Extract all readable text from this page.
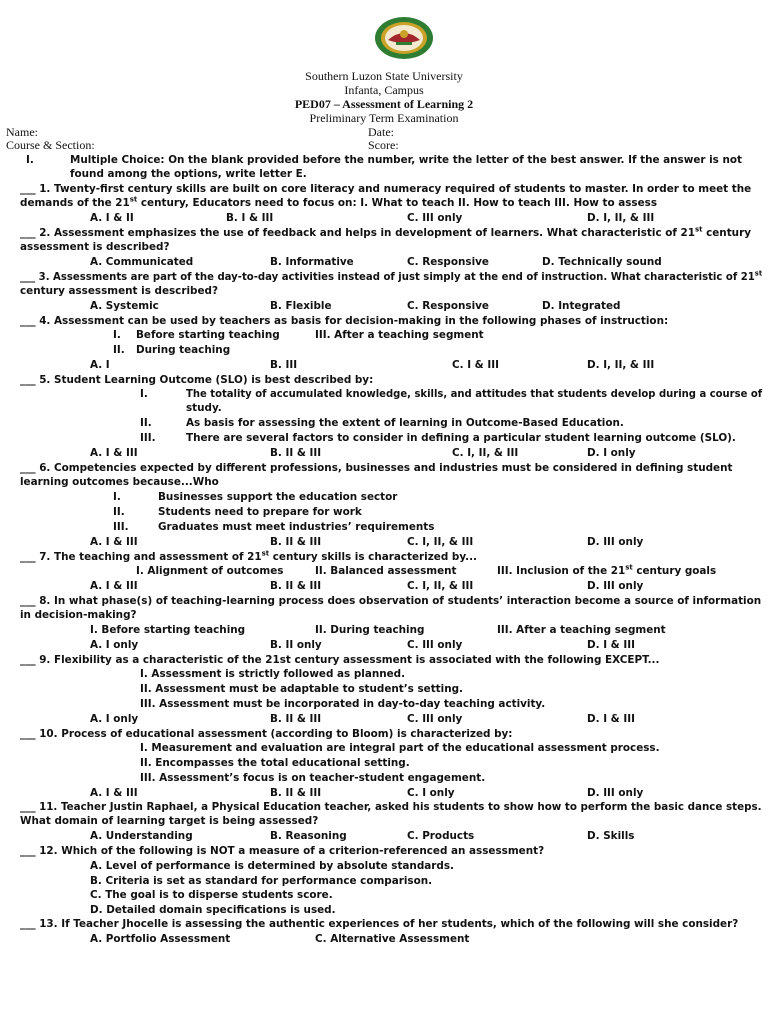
Southern Luzon State University
Infanta, Campus
PED07 – Assessment of Learning 2
Preliminary Term Examination
Name:	Date:
Course & Section:	Score:
I.	Multiple Choice: On the blank provided before the number, write the letter of the best answer. If the answer is not
found among the options, write letter E.
___ 1. Twenty-first century skills are built on core literacy and numeracy required of students to master. In order to meet the
demands of the 21st century, Educators need to focus on: I. What to teach II. How to teach III. How to assess
A. I & II	B. I & III	C. III only	D. I, II, & III
___ 2. Assessment emphasizes the use of feedback and helps in development of learners. What characteristic of 21st century
assessment is described?
A. Communicated	B. Informative	C. Responsive	D. Technically sound
___ 3. Assessments are part of the day-to-day activities instead of just simply at the end of instruction. What characteristic of 21st
century assessment is described?
A. Systemic	B. Flexible	C. Responsive	D. Integrated
___ 4. Assessment can be used by teachers as basis for decision-making in the following phases of instruction:
I. Before starting teaching	III. After a teaching segment
II. During teaching
A. I	B. III	C. I & III	D. I, II, & III
___ 5. Student Learning Outcome (SLO) is best described by:
I.	The totality of accumulated knowledge, skills, and attitudes that students develop during a course of
study.
II.	As basis for assessing the extent of learning in Outcome-Based Education.
III.	There are several factors to consider in defining a particular student learning outcome (SLO).
A. I & III	B. II & III	C. I, II, & III	D. I only
___ 6. Competencies expected by different professions, businesses and industries must be considered in defining student
learning outcomes because...Who
I.	Businesses support the education sector
II.	Students need to prepare for work
III.	Graduates must meet industries’ requirements
A. I & III	B. II & III	C. I, II, & III	D. III only
___ 7. The teaching and assessment of 21st century skills is characterized by...
I. Alignment of outcomes	II. Balanced assessment	III. Inclusion of the 21st century goals
A. I & III	B. II & III	C. I, II, & III	D. III only
___ 8. In what phase(s) of teaching-learning process does observation of students’ interaction become a source of information
in decision-making?
I. Before starting teaching	II. During teaching	III. After a teaching segment
A. I only	B. II only	C. III only	D. I & III
___ 9. Flexibility as a characteristic of the 21st century assessment is associated with the following EXCEPT...
I. Assessment is strictly followed as planned.
II. Assessment must be adaptable to student’s setting.
III. Assessment must be incorporated in day-to-day teaching activity.
A. I only	B. II & III	C. III only	D. I & III
___ 10. Process of educational assessment (according to Bloom) is characterized by:
I. Measurement and evaluation are integral part of the educational assessment process.
II. Encompasses the total educational setting.
III. Assessment’s focus is on teacher-student engagement.
A. I & III	B. II & III	C. I only	D. III only
___ 11. Teacher Justin Raphael, a Physical Education teacher, asked his students to show how to perform the basic dance steps.
What domain of learning target is being assessed?
A. Understanding	B. Reasoning	C. Products	D. Skills
___ 12. Which of the following is NOT a measure of a criterion-referenced an assessment?
A. Level of performance is determined by absolute standards.
B. Criteria is set as standard for performance comparison.
C. The goal is to disperse students score.
D. Detailed domain specifications is used.
___ 13. If Teacher Jhocelle is assessing the authentic experiences of her students, which of the following will she consider?
A. Portfolio Assessment	C. Alternative Assessment
